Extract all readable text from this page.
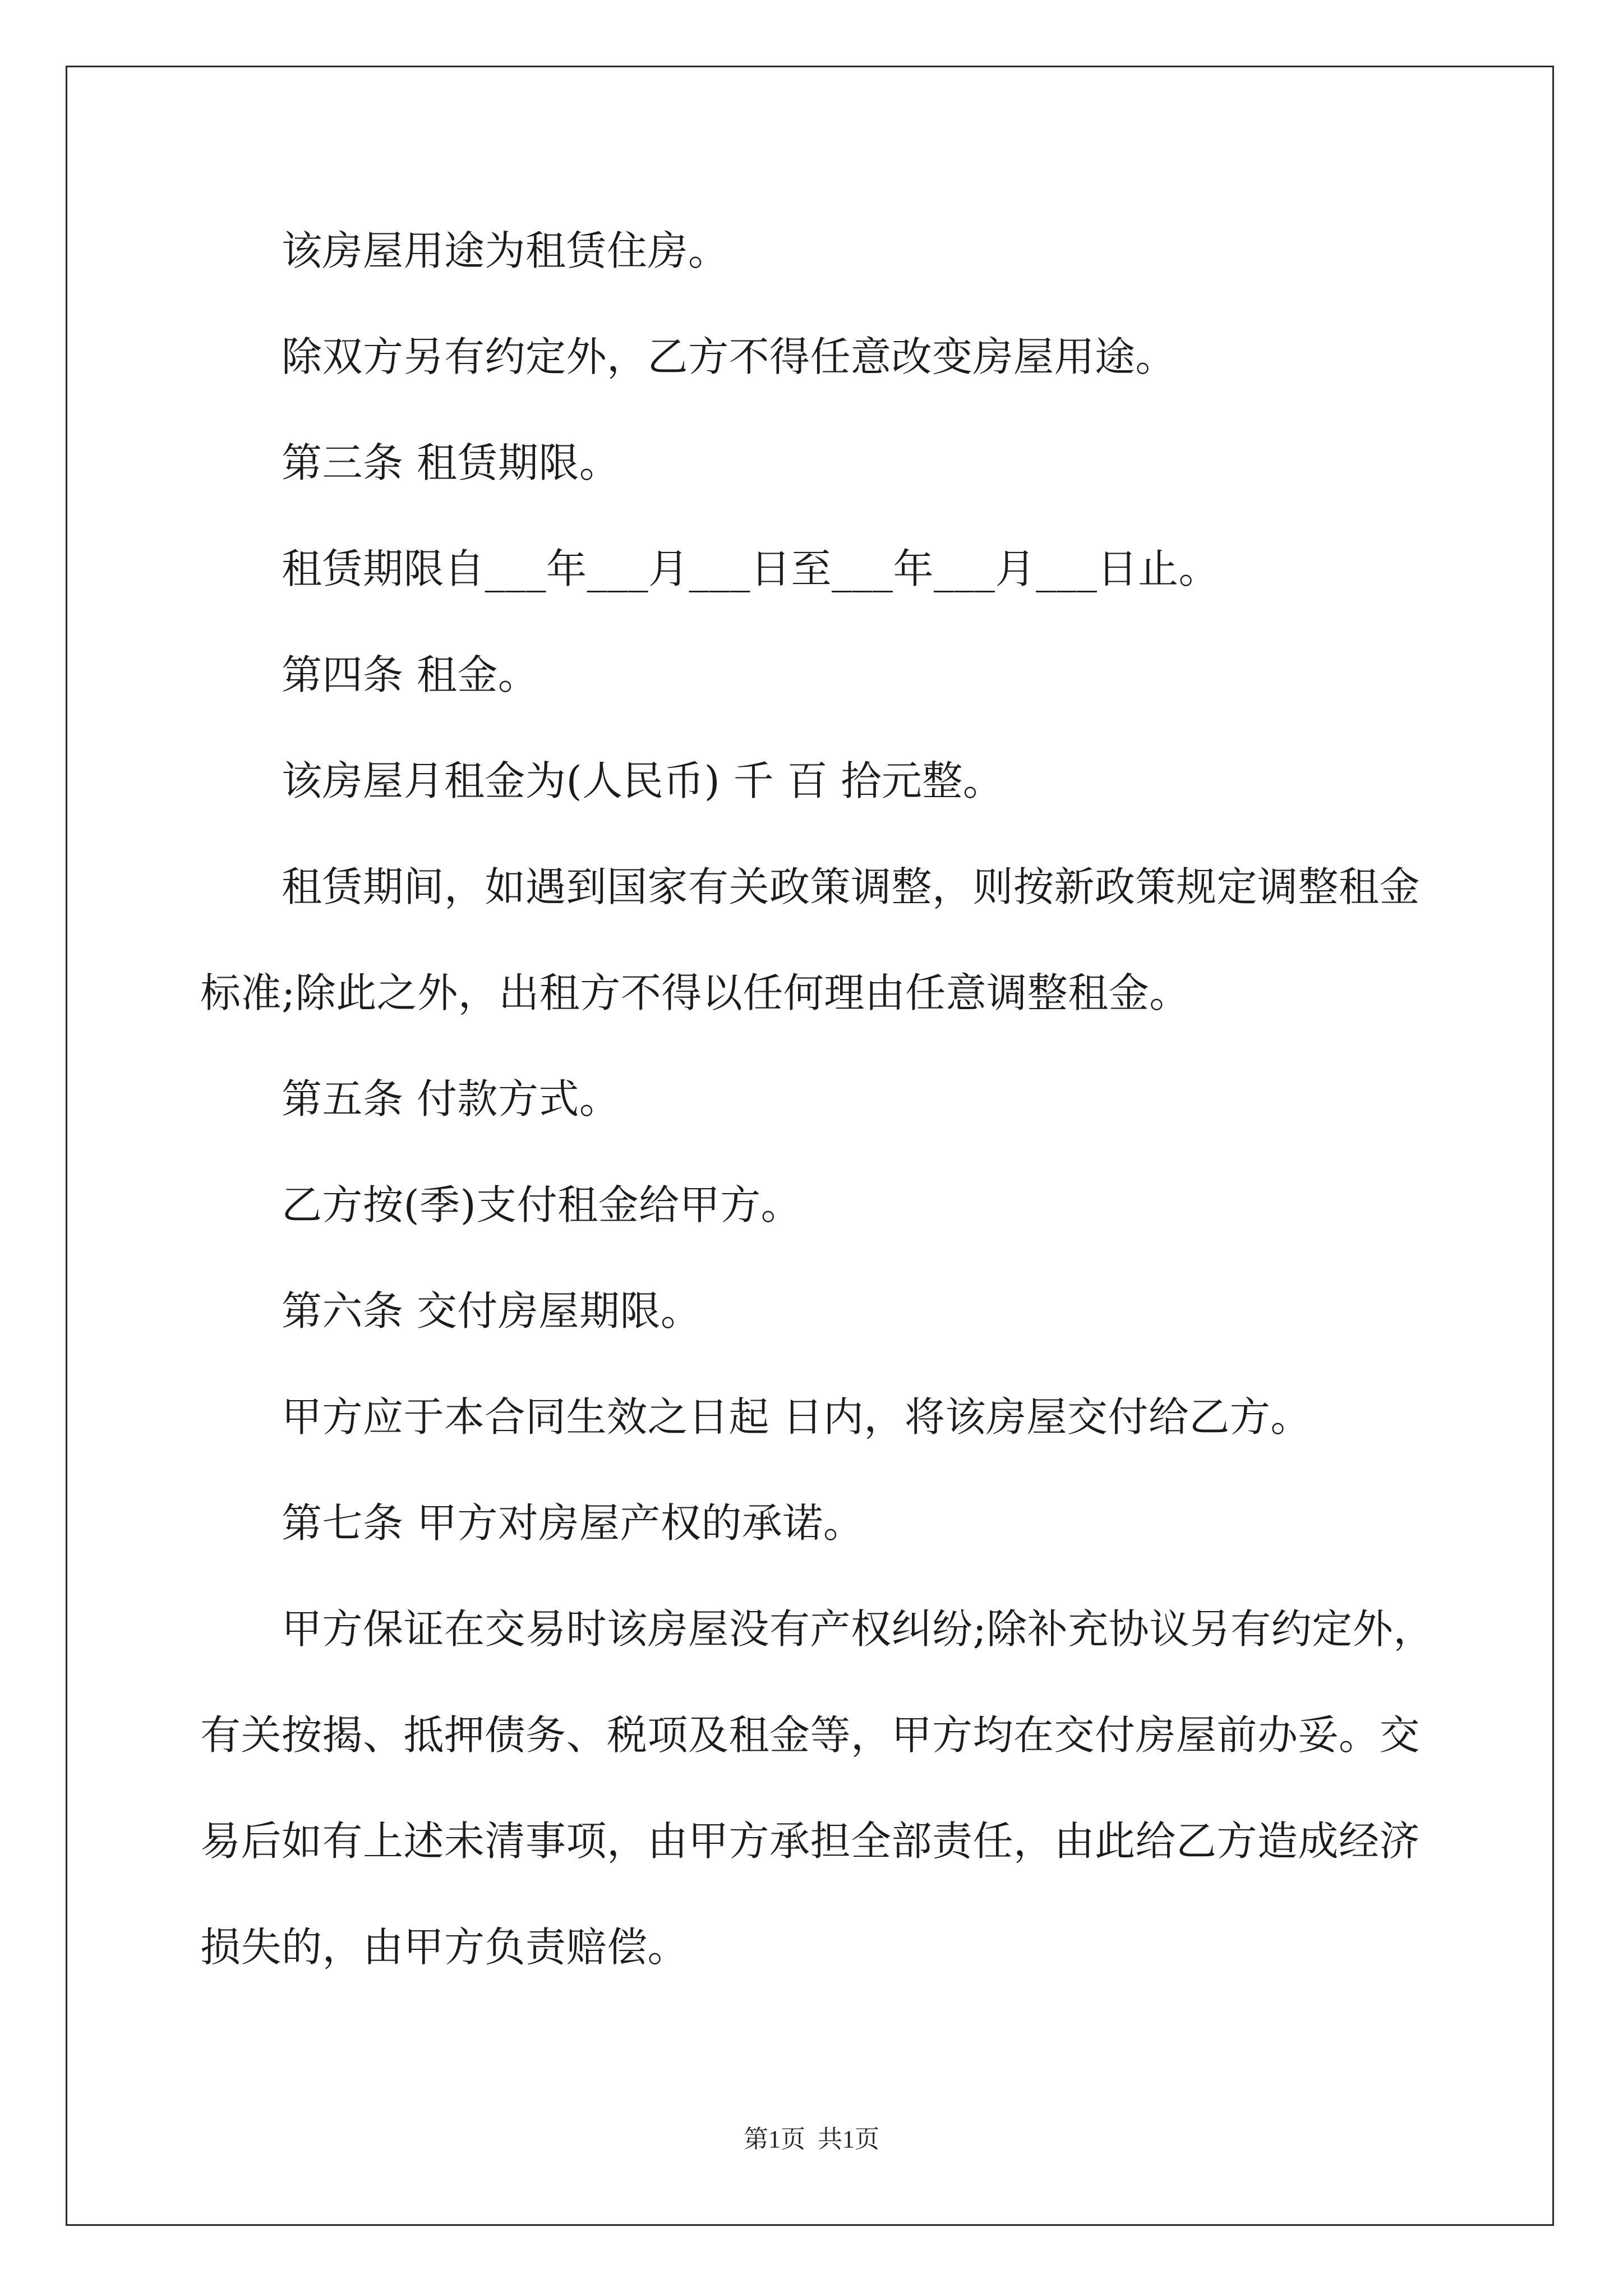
该房屋用途为租赁住房。

除双方另有约定外，乙方不得任意改变房屋用途。

第三条 租赁期限。

租赁期限自___年___月___日至___年___月___日止。

第四条 租金。

该房屋月租金为(人民币) 千 百 拾元整。

租赁期间，如遇到国家有关政策调整，则按新政策规定调整租金
标准;除此之外，出租方不得以任何理由任意调整租金。

第五条 付款方式。

乙方按(季)支付租金给甲方。

第六条 交付房屋期限。

甲方应于本合同生效之日起 日内，将该房屋交付给乙方。

第七条 甲方对房屋产权的承诺。

甲方保证在交易时该房屋没有产权纠纷;除补充协议另有约定外，
有关按揭、抵押债务、税项及租金等，甲方均在交付房屋前办妥。交
易后如有上述未清事项，由甲方承担全部责任，由此给乙方造成经济
损失的，由甲方负责赔偿。

第1页  共1页
